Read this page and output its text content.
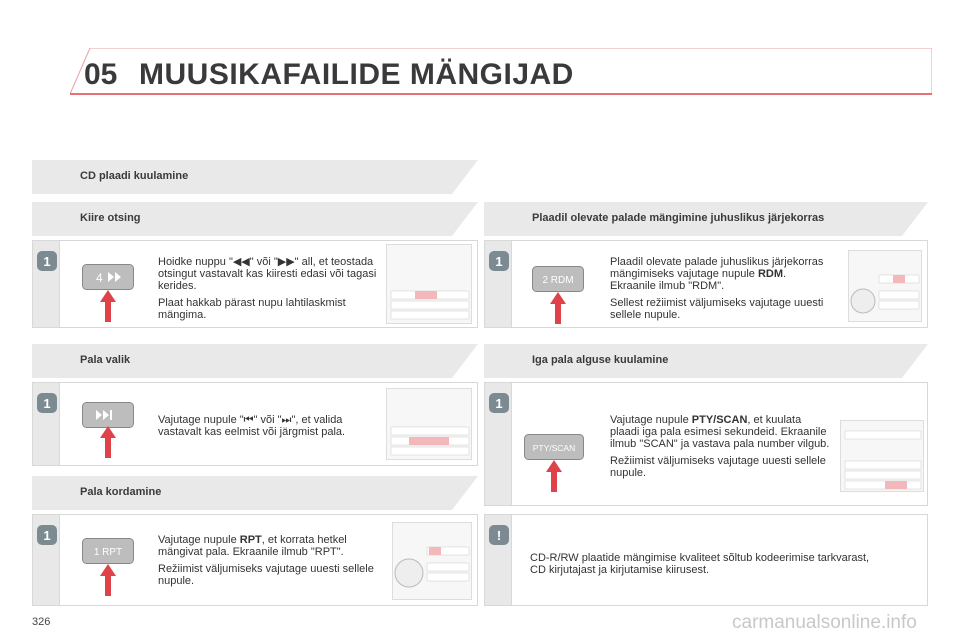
05 MUUSIKAFAILIDE MÄNGIJAD
CD plaadi kuulamine
Kiire otsing
1
4

Hoidke nuppu "◀◀" või "▶▶" all, et teostada otsingut vastavalt kas kiiresti edasi või tagasi kerides.

Plaat hakkab pärast nupu lahtilaskmist mängima.

Pala valik
1

Vajutage nupule "⏮" või "⏭", et valida vastavalt kas eelmist või järgmist pala.

Pala kordamine
1
1 RPT

Vajutage nupule RPT, et korrata hetkel mängivat pala. Ekraanile ilmub "RPT".

Režiimist väljumiseks vajutage uuesti sellele nupule.

Plaadil olevate palade mängimine juhuslikus järjekorras
1
2 RDM

Plaadil olevate palade juhuslikus järjekorras mängimiseks vajutage nupule RDM. Ekraanile ilmub "RDM".

Sellest režiimist väljumiseks vajutage uuesti sellele nupule.

Iga pala alguse kuulamine
1
PTY/SCAN

Vajutage nupule PTY/SCAN, et kuulata plaadi iga pala esimesi sekundeid. Ekraanile ilmub "SCAN" ja vastava pala number vilgub.

Režiimist väljumiseks vajutage uuesti sellele nupule.

!

CD-R/RW plaatide mängimise kvaliteet sõltub kodeerimise tarkvarast, CD kirjutajast ja kirjutamise kiirusest.

326	carmanualsonline.info
